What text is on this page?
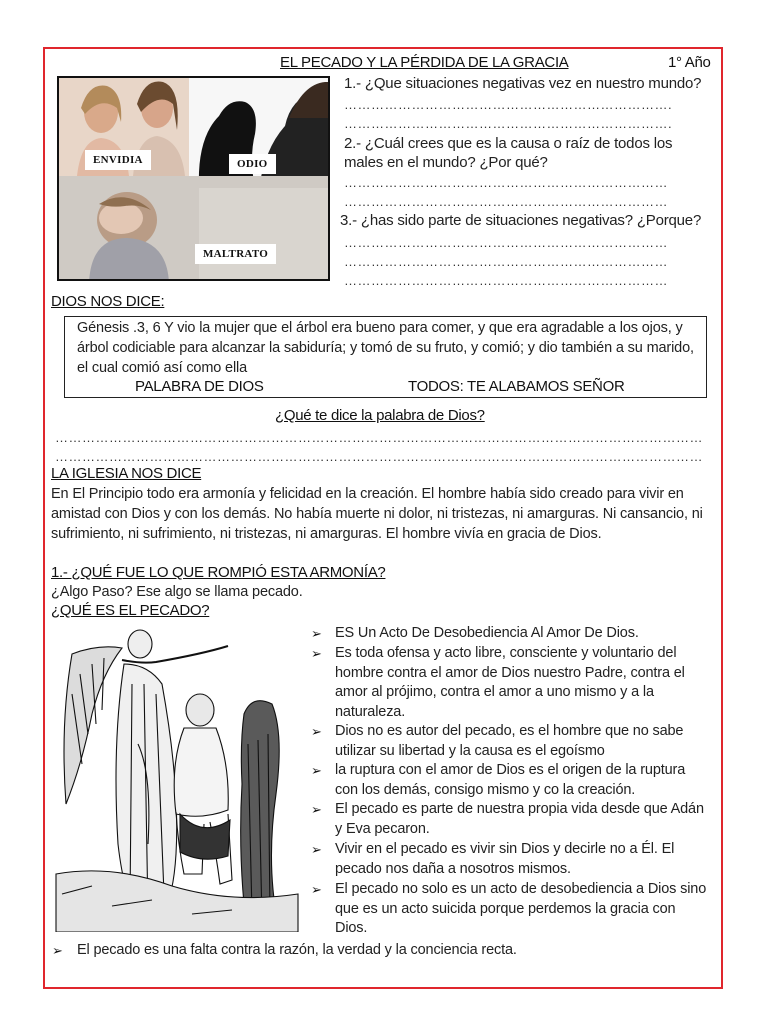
EL PECADO Y LA PÉRDIDA DE LA GRACIA	1° Año
ENVIDIA	ODIO
MALTRATO
1.- ¿Que situaciones negativas vez en nuestro mundo?
……………………………………………………………….
……………………………………………………………….
2.- ¿Cuál crees que es la causa o raíz de todos los males en el mundo? ¿Por qué?
………………………………………………………………
………………………………………………………………
3.- ¿has sido parte de situaciones negativas? ¿Porque?
………………………………………………………………
………………………………………………………………
………………………………………………………………
DIOS NOS DICE:
Génesis .3, 6 Y vio la mujer que el árbol era bueno para comer, y que era agradable a los ojos, y árbol codiciable para alcanzar la sabiduría; y tomó de su fruto, y comió; y dio también a su marido, el cual comió así como ella
PALABRA DE DIOS	TODOS: TE ALABAMOS SEÑOR
¿Qué te dice la palabra de Dios?
………………………………………………………………………………………………………………………………
………………………………………………………………………………………………………………………………
LA IGLESIA NOS DICE
En El Principio todo era armonía y felicidad en la creación. El hombre había sido creado para vivir en amistad con Dios y con los demás. No había muerte ni dolor, ni tristezas, ni amarguras. Ni cansancio, ni sufrimiento, ni sufrimiento, ni tristezas, ni amarguras. El hombre vivía en gracia de Dios.
1.- ¿QUÉ FUE LO QUE ROMPIÓ ESTA ARMONÍA?
¿Algo Paso? Ese algo se llama pecado.
¿QUÉ ES EL PECADO?
➢ ES Un Acto De Desobediencia Al Amor De Dios.
➢ Es toda ofensa y acto libre, consciente y voluntario del hombre contra el amor de Dios nuestro Padre, contra el amor al prójimo, contra el amor a uno mismo y a la naturaleza.
➢ Dios no es autor del pecado, es el hombre que no sabe utilizar su libertad y la causa es el egoísmo
➢ la ruptura con el amor de Dios es el origen de la ruptura con los demás, consigo mismo y co la creación.
➢ El pecado es parte de nuestra propia vida desde que Adán y Eva pecaron.
➢ Vivir en el pecado es vivir sin Dios y decirle no a Él. El pecado nos daña a nosotros mismos.
➢ El pecado no solo es un acto de desobediencia a Dios sino que es un acto suicida porque perdemos la gracia con Dios.
➢ El pecado es una falta contra la razón, la verdad y la conciencia recta.
